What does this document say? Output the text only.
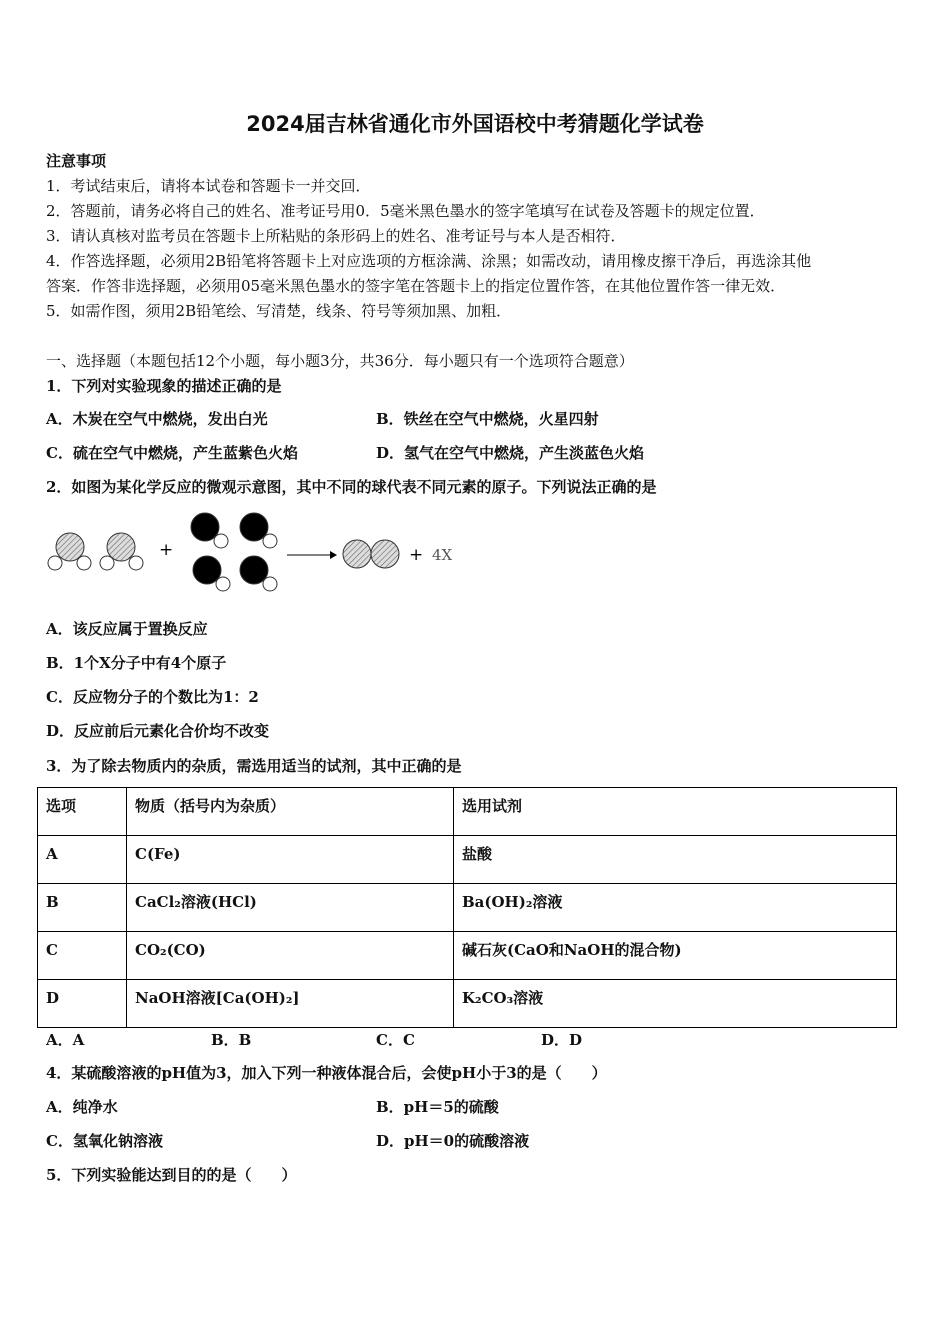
2024届吉林省通化市外国语校中考猜题化学试卷
注意事项
1．考试结束后，请将本试卷和答题卡一并交回．
2．答题前，请务必将自己的姓名、准考证号用0．5毫米黑色墨水的签字笔填写在试卷及答题卡的规定位置．
3．请认真核对监考员在答题卡上所粘贴的条形码上的姓名、准考证号与本人是否相符．
4．作答选择题，必须用2B铅笔将答题卡上对应选项的方框涂满、涂黑；如需改动，请用橡皮擦干净后，再选涂其他
答案．作答非选择题，必须用05毫米黑色墨水的签字笔在答题卡上的指定位置作答，在其他位置作答一律无效．
5．如需作图，须用2B铅笔绘、写清楚，线条、符号等须加黑、加粗．
一、选择题（本题包括12个小题，每小题3分，共36分．每小题只有一个选项符合题意）
1．下列对实验现象的描述正确的是
A．木炭在空气中燃烧，发出白光	B．铁丝在空气中燃烧，火星四射
C．硫在空气中燃烧，产生蓝紫色火焰	D．氢气在空气中燃烧，产生淡蓝色火焰
2．如图为某化学反应的微观示意图，其中不同的球代表不同元素的原子。下列说法正确的是
+	+ 4X
A．该反应属于置换反应
B．1个X分子中有4个原子
C．反应物分子的个数比为1：2
D．反应前后元素化合价均不改变
3．为了除去物质内的杂质，需选用适当的试剂，其中正确的是
选项	物质（括号内为杂质）	选用试剂
A	C(Fe)	盐酸
B	CaCl₂溶液(HCl)	Ba(OH)₂溶液
C	CO₂(CO)	碱石灰(CaO和NaOH的混合物)
D	NaOH溶液[Ca(OH)₂]	K₂CO₃溶液
A．A	B．B	C．C	D．D
4．某硫酸溶液的pH值为3，加入下列一种液体混合后，会使pH小于3的是（　　）
A．纯净水	B．pH＝5的硫酸
C．氢氧化钠溶液	D．pH＝0的硫酸溶液
5．下列实验能达到目的的是（　　）
